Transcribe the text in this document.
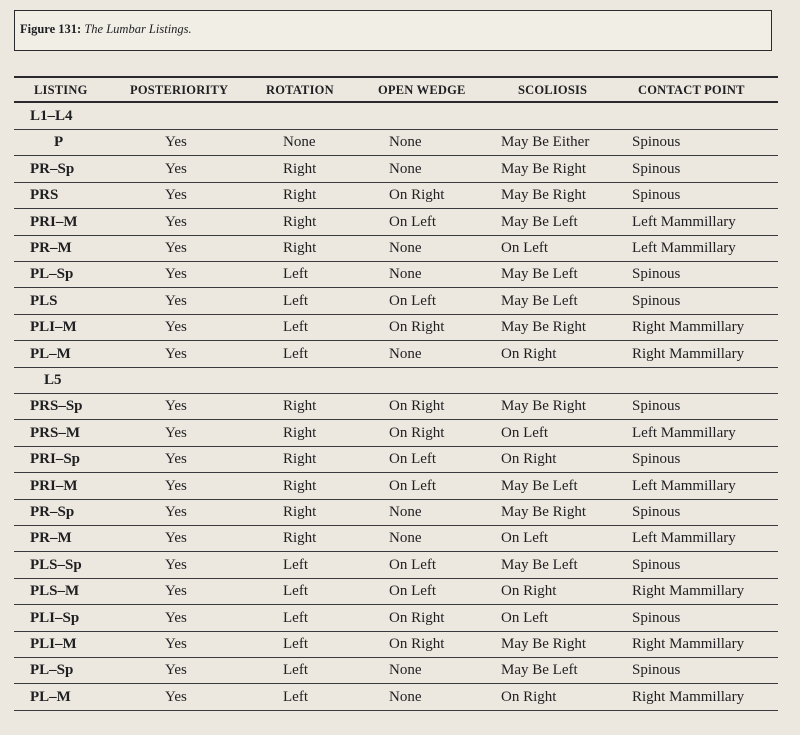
Figure 131: The Lumbar Listings.
LISTING	POSTERIORITY	ROTATION	OPEN WEDGE	SCOLIOSIS	CONTACT POINT
L1–L4
P	Yes	None	None	May Be Either	Spinous
PR–Sp	Yes	Right	None	May Be Right	Spinous
PRS	Yes	Right	On Right	May Be Right	Spinous
PRI–M	Yes	Right	On Left	May Be Left	Left Mammillary
PR–M	Yes	Right	None	On Left	Left Mammillary
PL–Sp	Yes	Left	None	May Be Left	Spinous
PLS	Yes	Left	On Left	May Be Left	Spinous
PLI–M	Yes	Left	On Right	May Be Right	Right Mammillary
PL–M	Yes	Left	None	On Right	Right Mammillary
L5
PRS–Sp	Yes	Right	On Right	May Be Right	Spinous
PRS–M	Yes	Right	On Right	On Left	Left Mammillary
PRI–Sp	Yes	Right	On Left	On Right	Spinous
PRI–M	Yes	Right	On Left	May Be Left	Left Mammillary
PR–Sp	Yes	Right	None	May Be Right	Spinous
PR–M	Yes	Right	None	On Left	Left Mammillary
PLS–Sp	Yes	Left	On Left	May Be Left	Spinous
PLS–M	Yes	Left	On Left	On Right	Right Mammillary
PLI–Sp	Yes	Left	On Right	On Left	Spinous
PLI–M	Yes	Left	On Right	May Be Right	Right Mammillary
PL–Sp	Yes	Left	None	May Be Left	Spinous
PL–M	Yes	Left	None	On Right	Right Mammillary
